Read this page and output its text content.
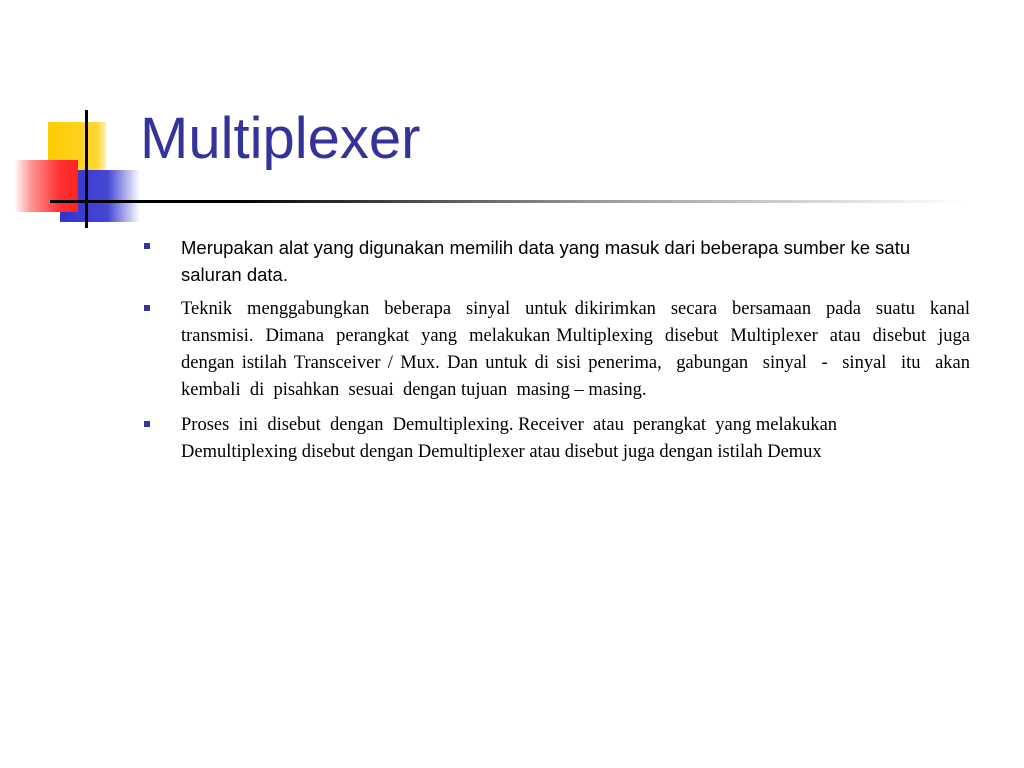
Multiplexer
Merupakan alat yang digunakan memilih data yang masuk dari beberapa sumber ke satu saluran data.
Teknik  menggabungkan  beberapa  sinyal  untuk dikirimkan  secara  bersamaan  pada  suatu  kanal transmisi.  Dimana  perangkat  yang  melakukan Multiplexing  disebut  Multiplexer  atau  disebut  juga dengan istilah Transceiver / Mux. Dan untuk di sisi penerima,  gabungan  sinyal  -  sinyal  itu  akan kembali  di  pisahkan  sesuai  dengan tujuan  masing – masing.
Proses  ini  disebut  dengan  Demultiplexing. Receiver  atau  perangkat  yang melakukan Demultiplexing disebut dengan Demultiplexer atau disebut juga dengan istilah Demux
